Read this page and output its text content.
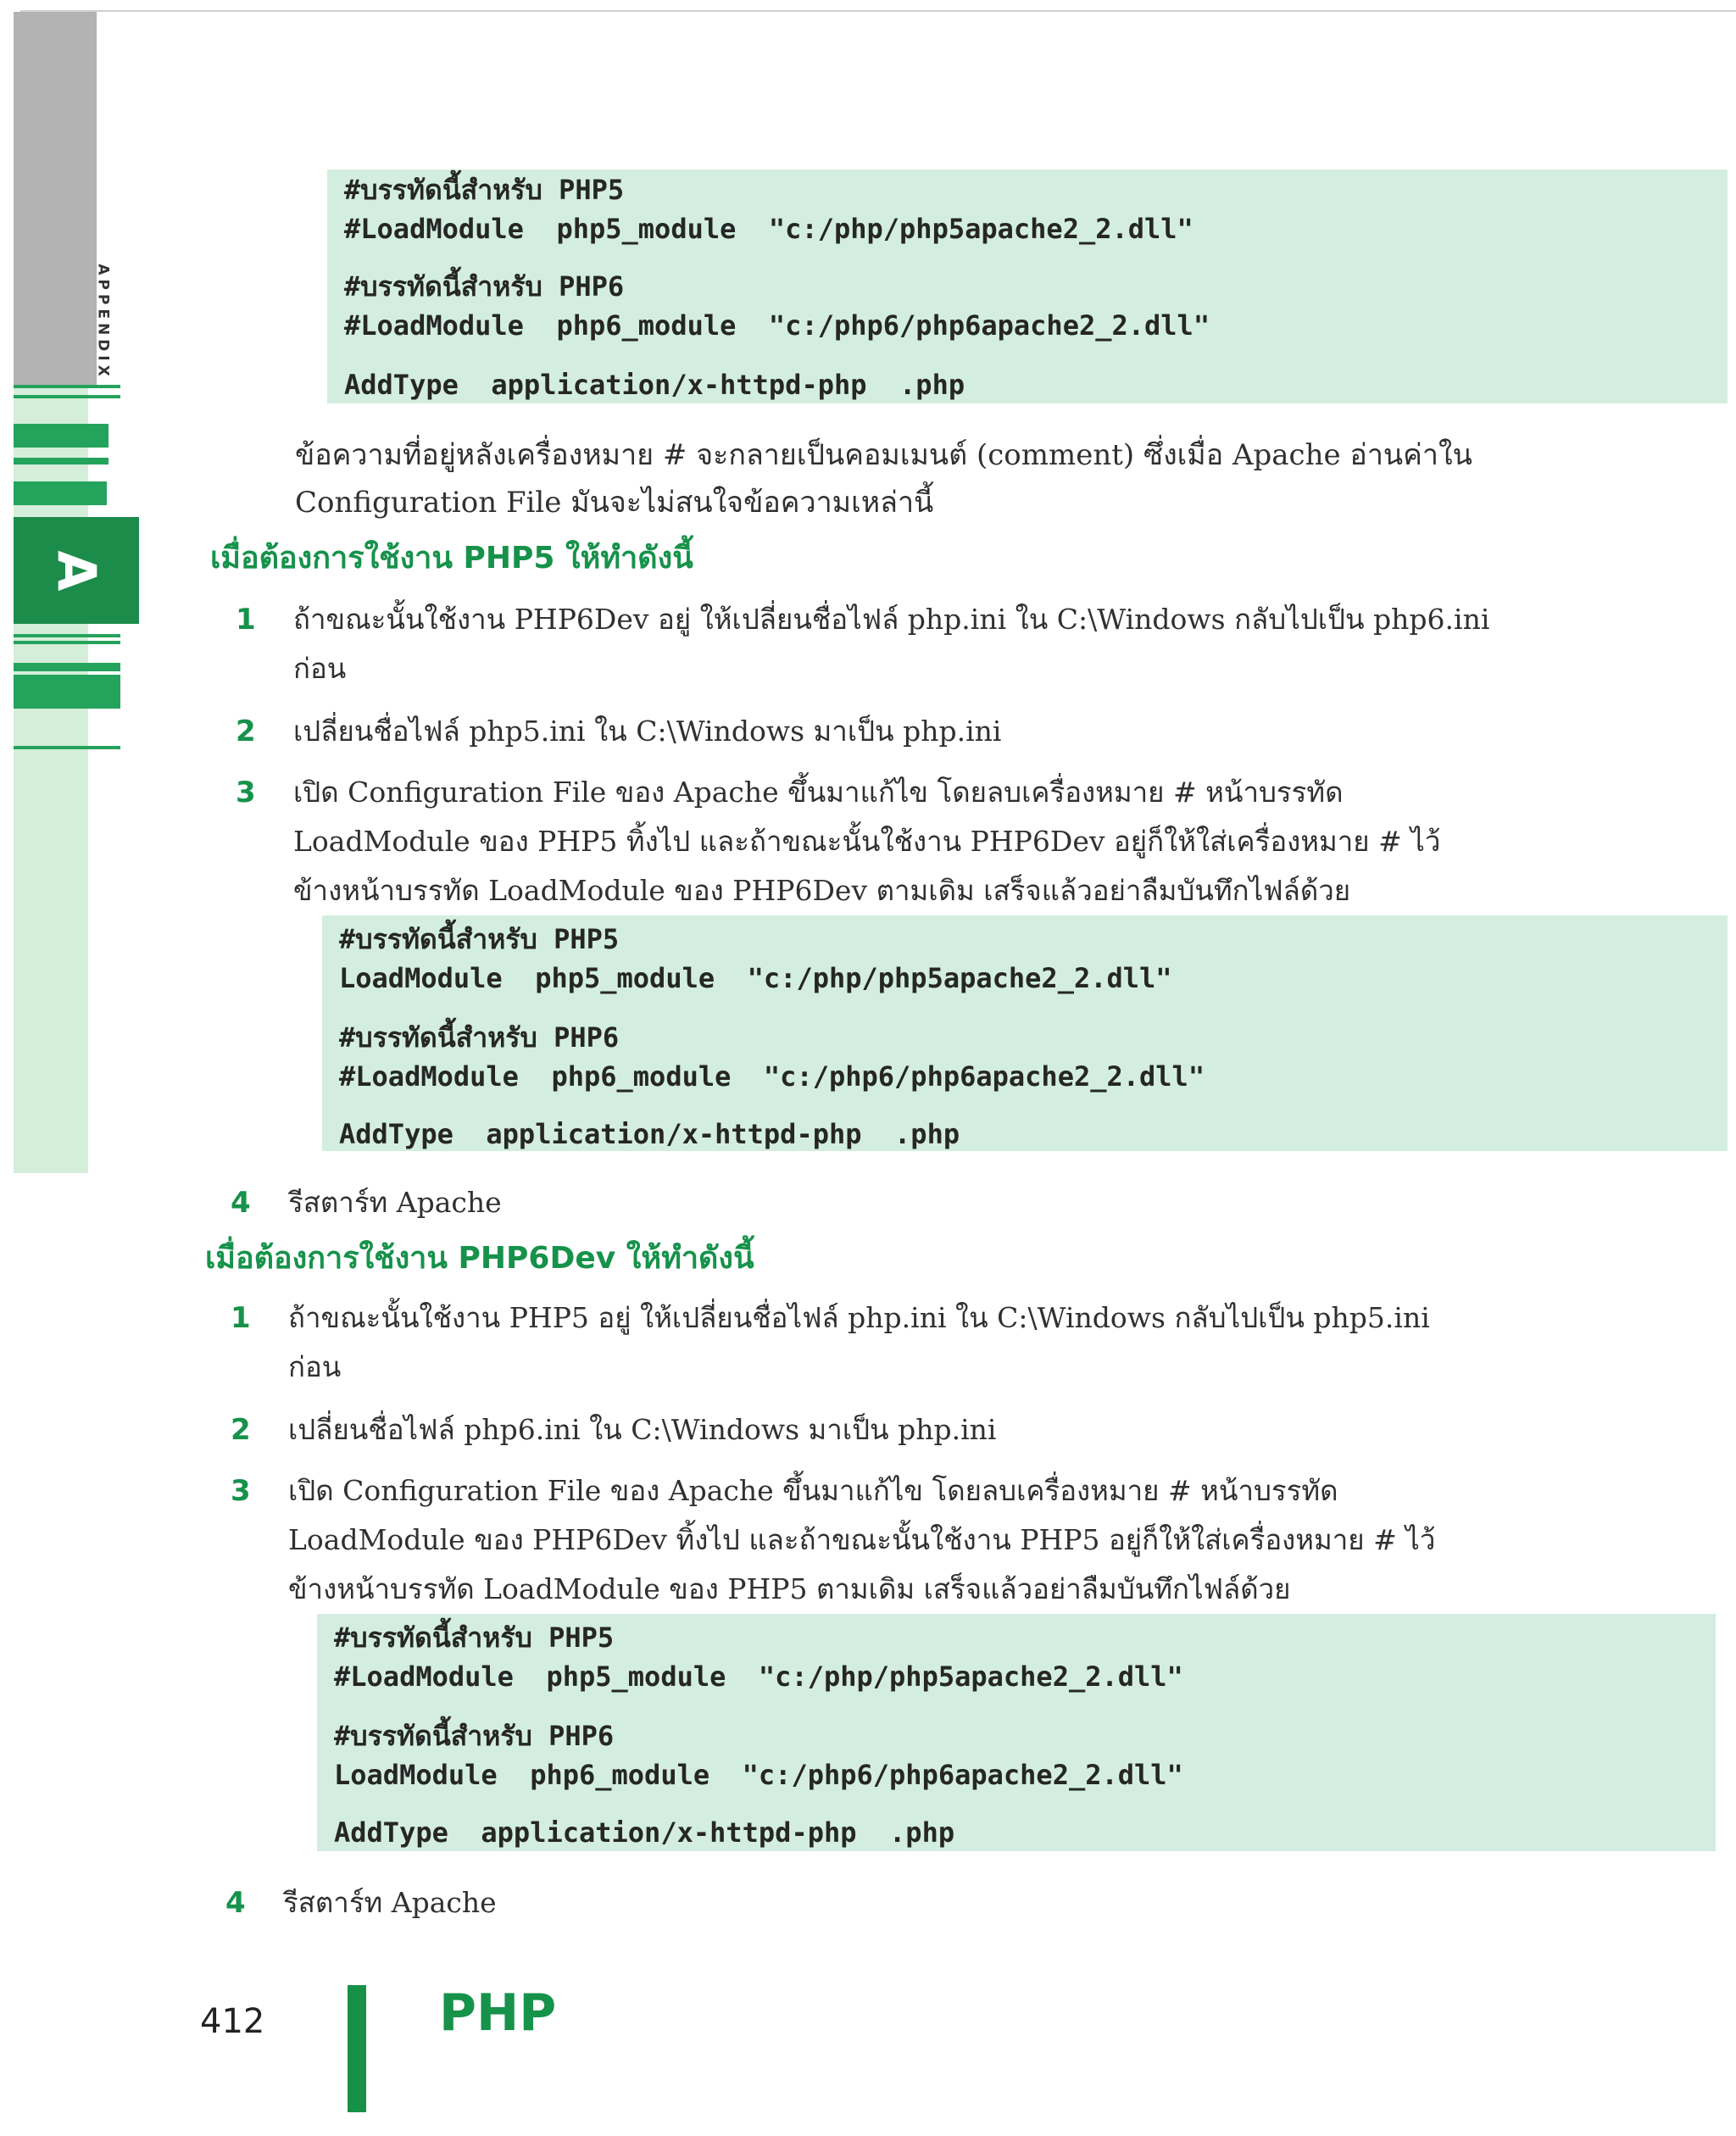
A
APPENDIX
#บรรทัดนี้สำหรับ PHP5
#LoadModule  php5_module  "c:/php/php5apache2_2.dll"
#บรรทัดนี้สำหรับ PHP6
#LoadModule  php6_module  "c:/php6/php6apache2_2.dll"
AddType  application/x-httpd-php  .php
ข้อความที่อยู่หลังเครื่องหมาย # จะกลายเป็นคอมเมนต์ (comment) ซึ่งเมื่อ Apache อ่านค่าใน
Configuration File มันจะไม่สนใจข้อความเหล่านี้
เมื่อต้องการใช้งาน PHP5 ให้ทำดังนี้
1 ถ้าขณะนั้นใช้งาน PHP6Dev อยู่ ให้เปลี่ยนชื่อไฟล์ php.ini ใน C:\Windows กลับไปเป็น php6.ini
ก่อน
2 เปลี่ยนชื่อไฟล์ php5.ini ใน C:\Windows มาเป็น php.ini
3 เปิด Configuration File ของ Apache ขึ้นมาแก้ไข โดยลบเครื่องหมาย # หน้าบรรทัด
LoadModule ของ PHP5 ทิ้งไป และถ้าขณะนั้นใช้งาน PHP6Dev อยู่ก็ให้ใส่เครื่องหมาย # ไว้
ข้างหน้าบรรทัด LoadModule ของ PHP6Dev ตามเดิม เสร็จแล้วอย่าลืมบันทึกไฟล์ด้วย
#บรรทัดนี้สำหรับ PHP5
LoadModule  php5_module  "c:/php/php5apache2_2.dll"
#บรรทัดนี้สำหรับ PHP6
#LoadModule  php6_module  "c:/php6/php6apache2_2.dll"
AddType  application/x-httpd-php  .php
4 รีสตาร์ท Apache
เมื่อต้องการใช้งาน PHP6Dev ให้ทำดังนี้
1 ถ้าขณะนั้นใช้งาน PHP5 อยู่ ให้เปลี่ยนชื่อไฟล์ php.ini ใน C:\Windows กลับไปเป็น php5.ini
ก่อน
2 เปลี่ยนชื่อไฟล์ php6.ini ใน C:\Windows มาเป็น php.ini
3 เปิด Configuration File ของ Apache ขึ้นมาแก้ไข โดยลบเครื่องหมาย # หน้าบรรทัด
LoadModule ของ PHP6Dev ทิ้งไป และถ้าขณะนั้นใช้งาน PHP5 อยู่ก็ให้ใส่เครื่องหมาย # ไว้
ข้างหน้าบรรทัด LoadModule ของ PHP5 ตามเดิม เสร็จแล้วอย่าลืมบันทึกไฟล์ด้วย
#บรรทัดนี้สำหรับ PHP5
#LoadModule  php5_module  "c:/php/php5apache2_2.dll"
#บรรทัดนี้สำหรับ PHP6
LoadModule  php6_module  "c:/php6/php6apache2_2.dll"
AddType  application/x-httpd-php  .php
4 รีสตาร์ท Apache
412	PHP
